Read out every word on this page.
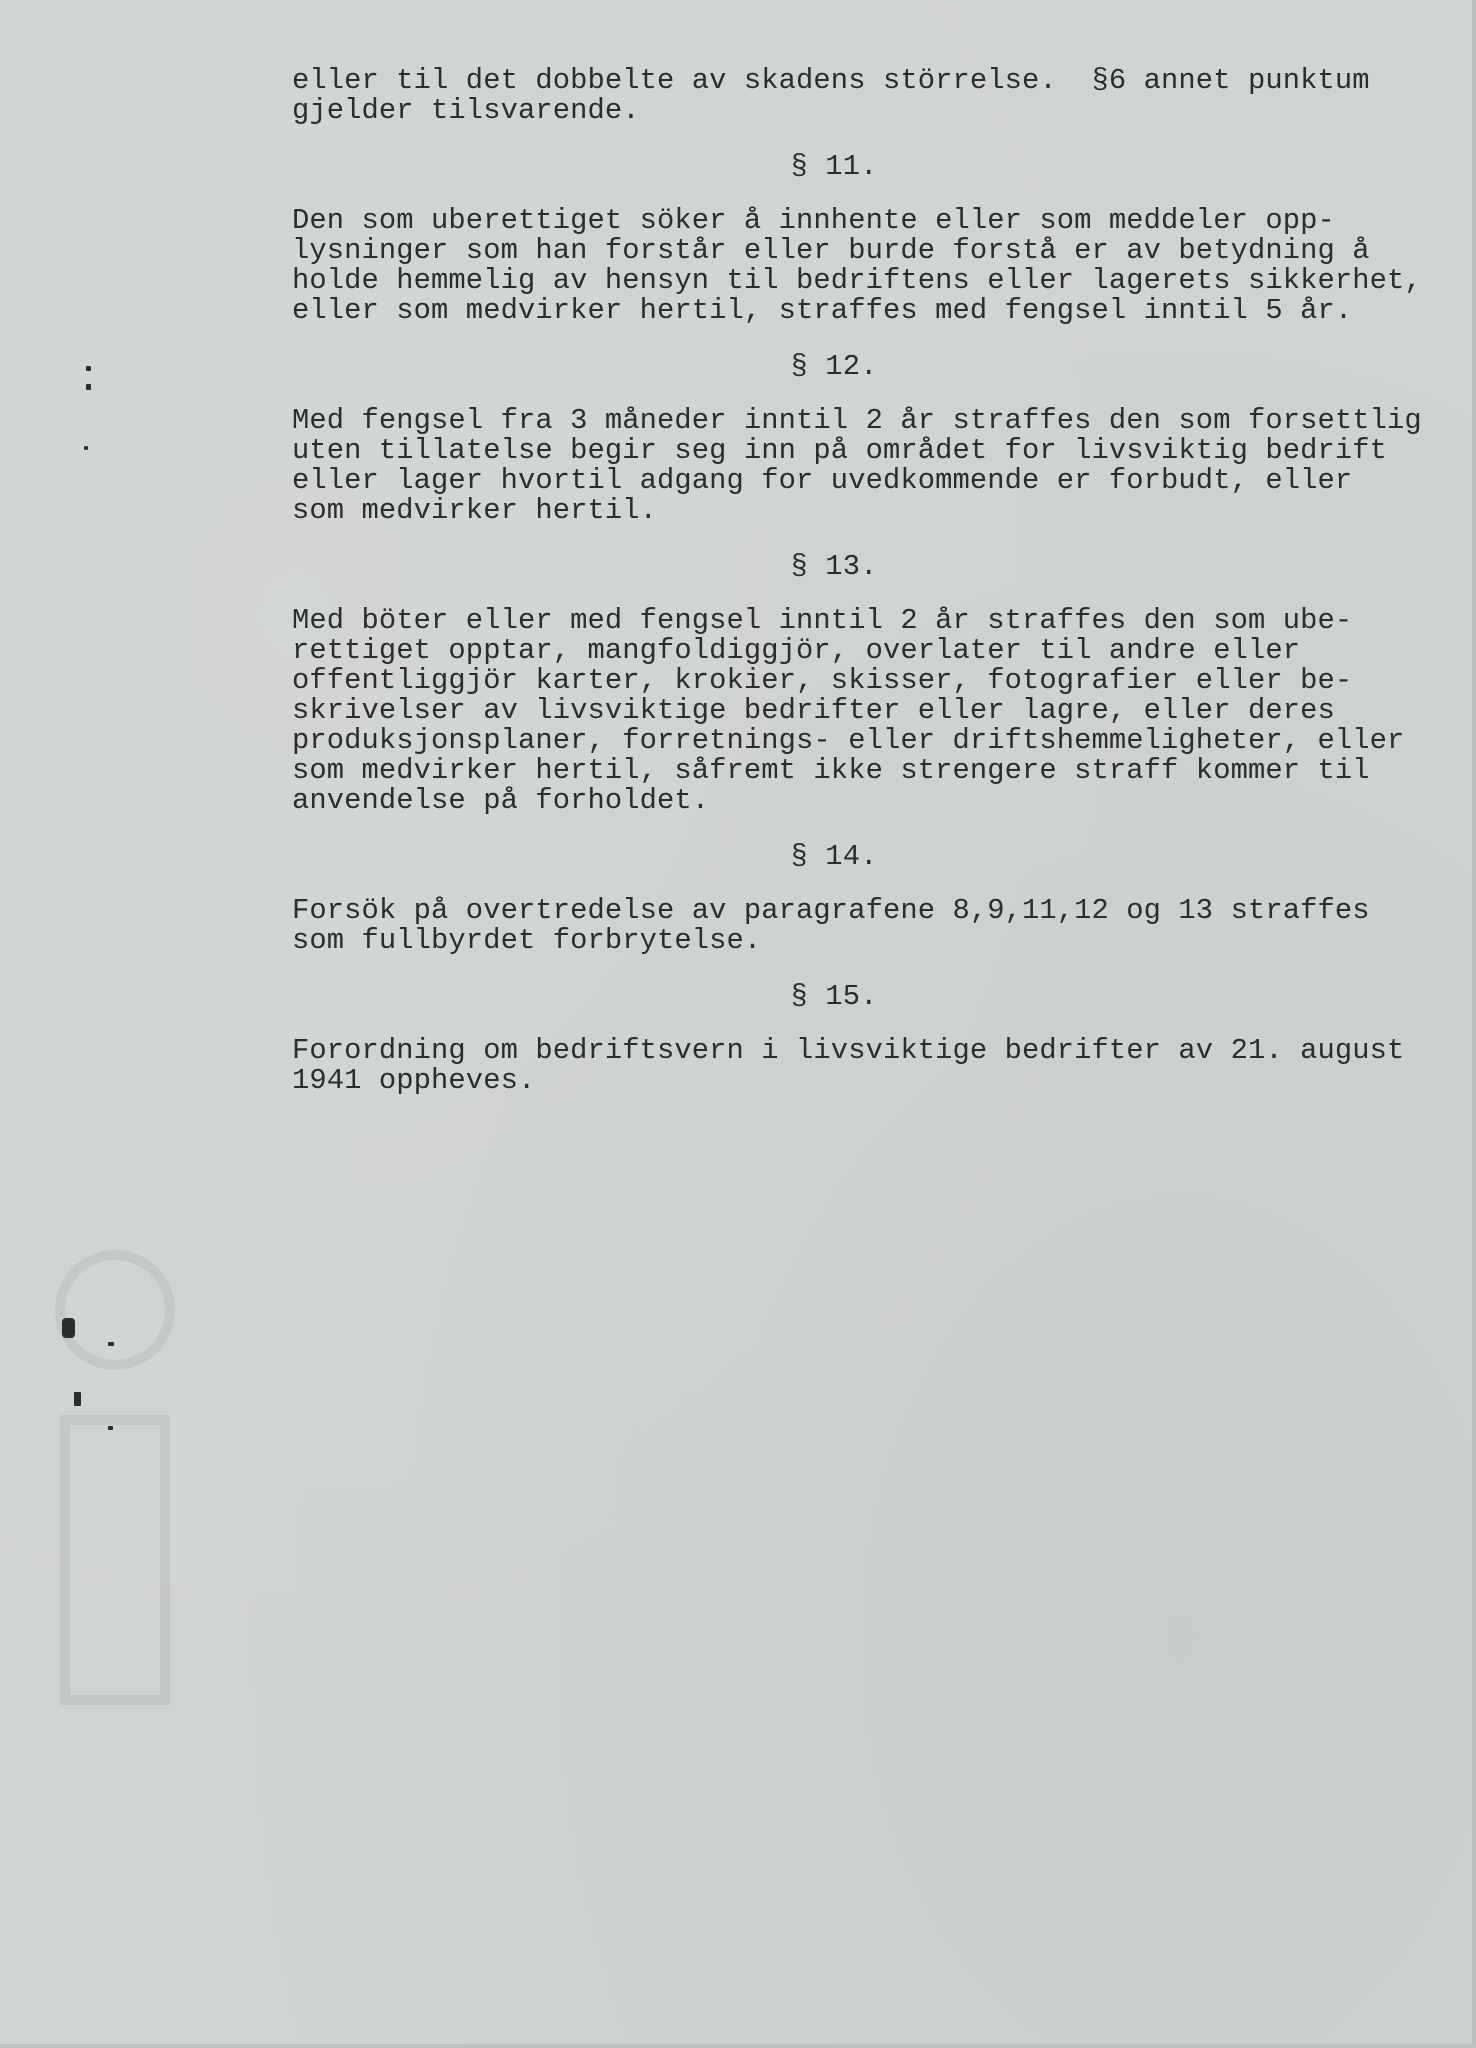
eller til det dobbelte av skadens störrelse.  §6 annet punktum
gjelder tilsvarende.
§ 11.
Den som uberettiget söker å innhente eller som meddeler opp-
lysninger som han forstår eller burde forstå er av betydning å
holde hemmelig av hensyn til bedriftens eller lagerets sikkerhet,
eller som medvirker hertil, straffes med fengsel inntil 5 år.
§ 12.
Med fengsel fra 3 måneder inntil 2 år straffes den som forsettlig
uten tillatelse begir seg inn på området for livsviktig bedrift
eller lager hvortil adgang for uvedkommende er forbudt, eller
som medvirker hertil.
§ 13.
Med böter eller med fengsel inntil 2 år straffes den som ube-
rettiget opptar, mangfoldiggjör, overlater til andre eller
offentliggjör karter, krokier, skisser, fotografier eller be-
skrivelser av livsviktige bedrifter eller lagre, eller deres
produksjonsplaner, forretnings- eller driftshemmeligheter, eller
som medvirker hertil, såfremt ikke strengere straff kommer til
anvendelse på forholdet.
§ 14.
Forsök på overtredelse av paragrafene 8,9,11,12 og 13 straffes
som fullbyrdet forbrytelse.
§ 15.
Forordning om bedriftsvern i livsviktige bedrifter av 21. august
1941 oppheves.
